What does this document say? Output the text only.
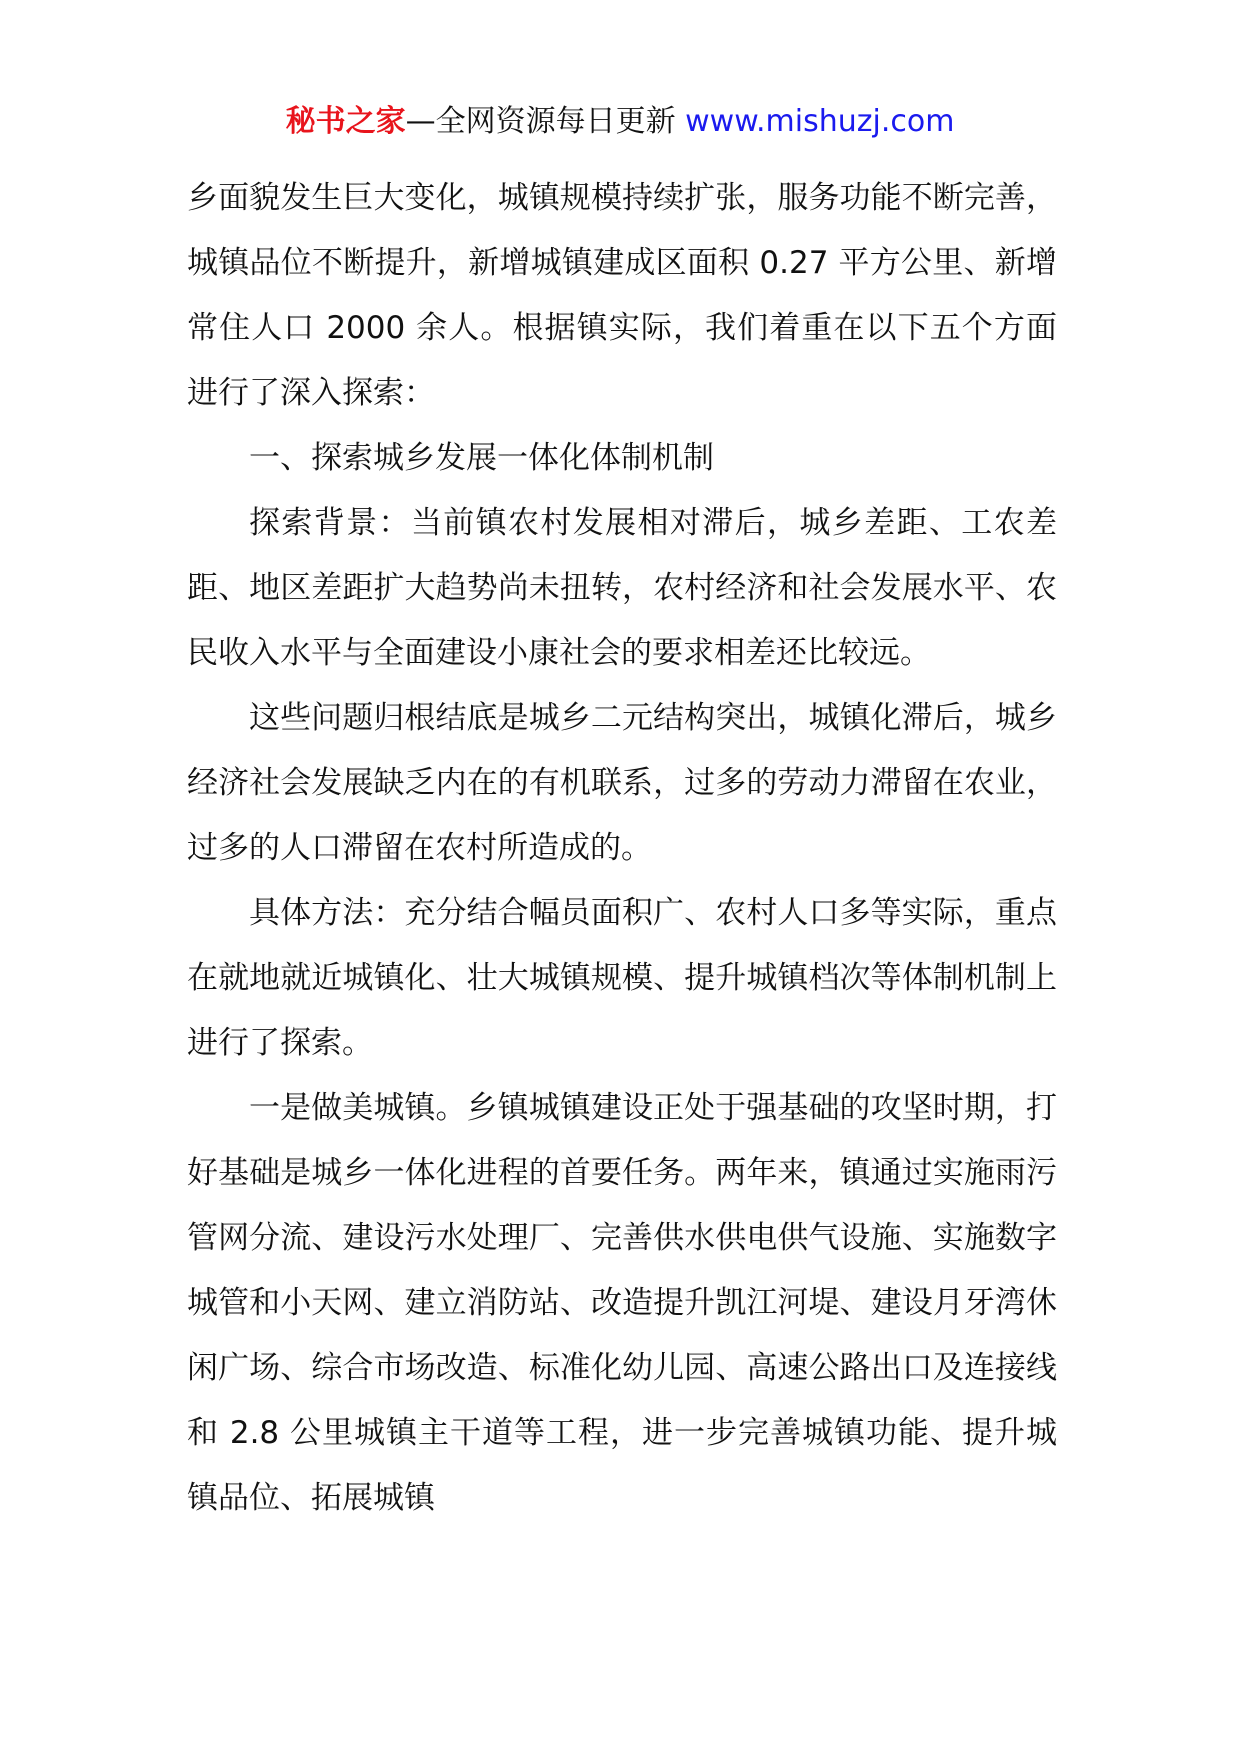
秘书之家—全网资源每日更新 www.mishuzj.com

乡面貌发生巨大变化，城镇规模持续扩张，服务功能不断完善，城镇品位不断提升，新增城镇建成区面积 0.27 平方公里、新增常住人口 2000 余人。根据镇实际，我们着重在以下五个方面进行了深入探索：

一、探索城乡发展一体化体制机制

探索背景：当前镇农村发展相对滞后，城乡差距、工农差距、地区差距扩大趋势尚未扭转，农村经济和社会发展水平、农民收入水平与全面建设小康社会的要求相差还比较远。

这些问题归根结底是城乡二元结构突出，城镇化滞后，城乡经济社会发展缺乏内在的有机联系，过多的劳动力滞留在农业，过多的人口滞留在农村所造成的。

具体方法：充分结合幅员面积广、农村人口多等实际，重点在就地就近城镇化、壮大城镇规模、提升城镇档次等体制机制上进行了探索。

一是做美城镇。乡镇城镇建设正处于强基础的攻坚时期，打好基础是城乡一体化进程的首要任务。两年来，镇通过实施雨污管网分流、建设污水处理厂、完善供水供电供气设施、实施数字城管和小天网、建立消防站、改造提升凯江河堤、建设月牙湾休闲广场、综合市场改造、标准化幼儿园、高速公路出口及连接线和 2.8 公里城镇主干道等工程，进一步完善城镇功能、提升城镇品位、拓展城镇
